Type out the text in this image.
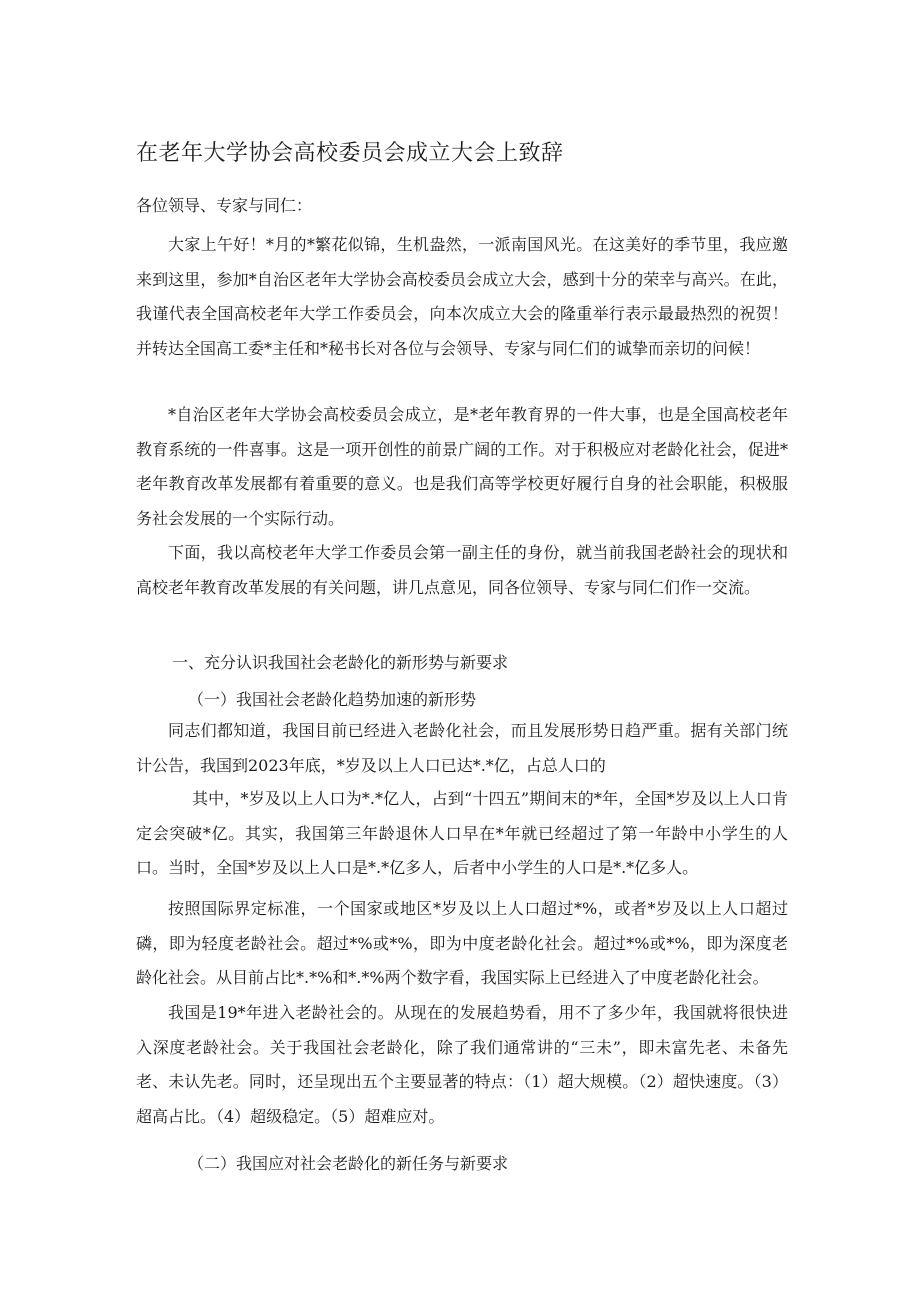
在老年大学协会高校委员会成立大会上致辞
各位领导、专家与同仁：

大家上午好！*月的*繁花似锦，生机盎然，一派南国风光。在这美好的季节里，我应邀来到这里，参加*自治区老年大学协会高校委员会成立大会，感到十分的荣幸与高兴。在此，我谨代表全国高校老年大学工作委员会，向本次成立大会的隆重举行表示最最热烈的祝贺！并转达全国高工委*主任和*秘书长对各位与会领导、专家与同仁们的诚挚而亲切的问候！

*自治区老年大学协会高校委员会成立，是*老年教育界的一件大事，也是全国高校老年教育系统的一件喜事。这是一项开创性的前景广阔的工作。对于积极应对老龄化社会，促进*老年教育改革发展都有着重要的意义。也是我们高等学校更好履行自身的社会职能，积极服务社会发展的一个实际行动。

下面，我以高校老年大学工作委员会第一副主任的身份，就当前我国老龄社会的现状和高校老年教育改革发展的有关问题，讲几点意见，同各位领导、专家与同仁们作一交流。

一、充分认识我国社会老龄化的新形势与新要求
（一）我国社会老龄化趋势加速的新形势

同志们都知道，我国目前已经进入老龄化社会，而且发展形势日趋严重。据有关部门统计公告，我国到2023年底，*岁及以上人口已达*.*亿，占总人口的

其中，*岁及以上人口为*.*亿人，占到“十四五”期间末的*年，全国*岁及以上人口肯定会突破*亿。其实，我国第三年龄退休人口早在*年就已经超过了第一年龄中小学生的人口。当时，全国*岁及以上人口是*.*亿多人，后者中小学生的人口是*.*亿多人。

按照国际界定标准，一个国家或地区*岁及以上人口超过*%，或者*岁及以上人口超过磷，即为轻度老龄社会。超过*%或*%，即为中度老龄化社会。超过*%或*%，即为深度老龄化社会。从目前占比*.*%和*.*%两个数字看，我国实际上已经进入了中度老龄化社会。

我国是19*年进入老龄社会的。从现在的发展趋势看，用不了多少年，我国就将很快进入深度老龄社会。关于我国社会老龄化，除了我们通常讲的“三未”，即未富先老、未备先老、未认先老。同时，还呈现出五个主要显著的特点：（1）超大规模。（2）超快速度。（3）超高占比。（4）超级稳定。（5）超难应对。

（二）我国应对社会老龄化的新任务与新要求
